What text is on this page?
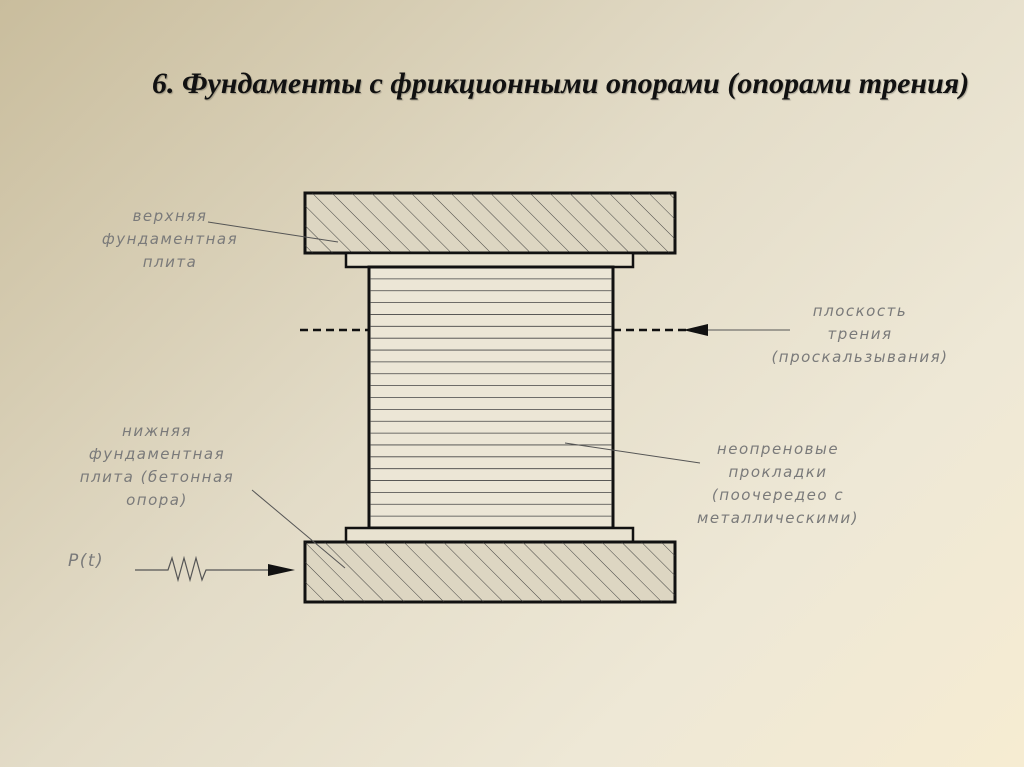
6. Фундаменты с фрикционными опорами (опорами трения)
верхняя
фундаментная
плита
плоскость
трения
(проскальзывания)
нижняя
фундаментная
плита (бетонная
опора)
неопреновые
прокладки
(поочередео с
металлическими)
P(t)
